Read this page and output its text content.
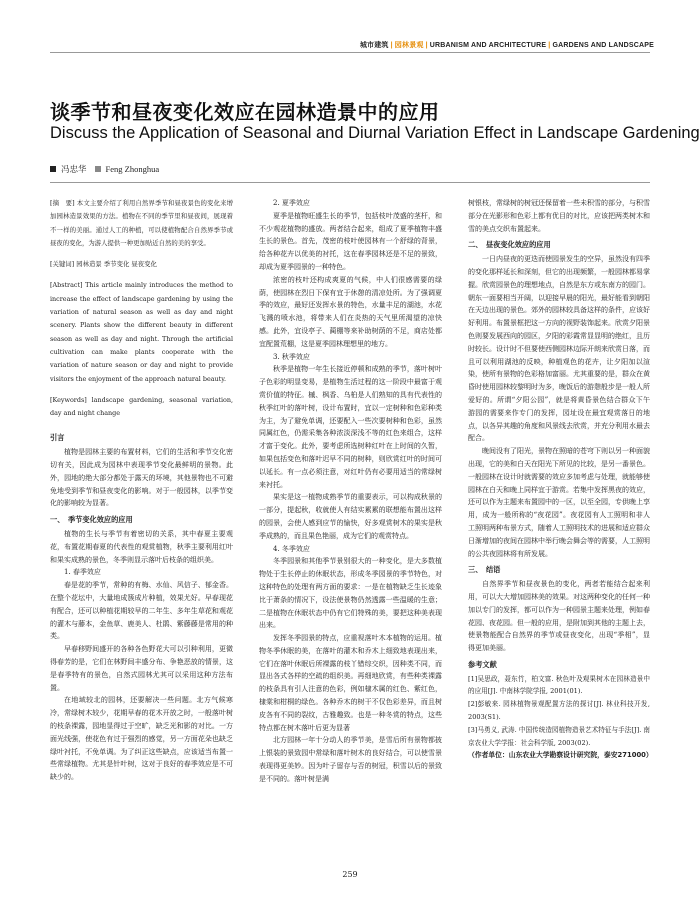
城市建筑 | 园林景观 | URBANISM AND ARCHITECTURE | GARDENS AND LANDSCAPE
谈季节和昼夜变化效应在园林造景中的应用
Discuss the Application of Seasonal and Diurnal Variation Effect in Landscape Gardening
冯忠华 Feng Zhonghua

[摘　要] 本文主要介绍了利用自然界季节和昼夜景色的变化来增加园林造景效果的方法。植物在不同的季节里和昼夜间，展现着不一样的美丽。通过人工的种植，可以使植物配合自然界季节或昼夜的变化，为游人提供一种更加贴近自然的美的享受。

[关键词] 园林造景 季节变化 昼夜变化

[Abstract] This article mainly introduces the method to increase the effect of landscape gardening by using the variation of natural season as well as day and night scenery. Plants show the different beauty in different season as well as day and night. Through the artificial cultivation can make plants cooperate with the variation of nature season or day and night to provide visitors the enjoyment of the approach natural beauty.

[Keywords] landscape gardening, seasonal variation, day and night change

引言

植物是园林主要的布置材料，它们的生活和季节交化密切有关，因此成为园林中表现季节变化最鲜明的景物。此外，园地的绝大部分都处于露天的环境，其他景物也不可避免地受到季节和昼夜变化的影响。对于一般园林，以季节变化的影响较为显著。

一、　季节变化效应的应用

植物的生长与季节有着密切的关系，其中春夏主要观花，布置花期春夏的代表性的观赏植物，秋季主要利用红叶和果实成熟的景色，冬季则显示落叶后枝条的组织美。

1. 春季效应

春是花的季节，常种的有梅、水仙、风信子、郁金香。在整个花坛中，大量地成簇成片种植，效果尤好。早春现花有配合，还可以种植花期较早的二年生、多年生草花和观花的灌木与藤本，金鱼草、鹿美人、杜鹃、紫藤藤是常用的种类。

早春移野间盛开的各种各色野花大可以引种利用，更微得春芳的是，它们在林野间丰盛分布、争艳恶放的情景，这是春季特有的景色，自然式园林尤其可以采用这种方法布置。

在地域较北的园林，还要解决一些问题。北方气候寒冷，常绿树木较少，花期早春的花木开放之时，一般落叶树的枝条裸露，园地显得过于空旷，缺乏光和影的对比。一方面光线强，使花色有过于强烈的感觉，另一方面花朵也缺乏绿叶衬托，不免单调。为了纠正这些缺点，应该适当布置一些常绿植物。尤其是针叶树，这对于良好的春季效应是不可缺少的。

2. 夏季效应

夏季是植物旺盛生长的季节，包括枝叶茂盛的茎杆，和不少观花植物的盛放。两者结合起来，组成了夏季植物丰盛生长的景色。首先，茂密的枝叶使园林有一个舒绿的背景，给各种花卉以优美的衬托，这在春季园林还是不足的景致，却成为夏季园景的一种特色。

浓密的枝叶还构成爽夏的气候，中人们很感需要的绿荫，使园林在烈日下保有宜于休憩的清凉处所。为了强调夏季的效应，最好还发挥水景的特色，水量丰足的湖池，水花飞溅的喷水池，将带来人们在炎热的天气里所渴望的凉快感。此外，宜设亭子、蔺棚等来补助树荫的不足，商店处都宜配置荒棚，这是夏季园林理想里的地方。

3. 秋季效应

秋季是植物一年生长接近停顿和成熟的季节，落叶树叶子色彩的明显变易，是植物生活过程的这一阶段中最富于观赏价值的特征。槭、枫香、乌桕是人们熟知的具有代表性的秋季红叶的落叶树，设计布置时，宜以一定树种和色彩种类为主，为了避免单调，还要配入一些次要树种和色彩，虽然同属红色，仍需采集各种浓淡深浅不等的红色来组合，这样才富于变化。此外，要考虑所选树种红叶在上时间的久暂，如果包括变色和落叶迟早不同的树种，则欣赏红叶的时间可以延长。有一点必须注意，对红叶仍有必要用适当的常绿树来衬托。

果实是这一植物成熟季节的重要表示，可以构成秋景的一部分，提起秋，收就使人有结实累累的联想能布置出这样的园景，会使人感到应节的愉快，好多观赏树木的果实是秋季成熟的，而且果色艳丽，成为它们的观赏特点。

4. 冬季效应

冬季园景和其他季节景别很大的一种变化，是大多数植物处于生长停止的休眠状态，形成冬季园景的季节特色，对这种特色的处理有两方面的要求：一是在植物缺乏生长迹象比于萧条的情况下，设法使景物仍然透露一些温暖的生意；二是植物在休眠状态中仍有它们特殊的美，要把这种美表现出来。

发挥冬季园景的特点，应重视落叶木本植物的运用。植物冬季休眠的美，在落叶的灌木和乔木上细致地表现出来，它们在落叶休眠后所裸露的枝丫错综交织，因种类不同，而显出各式各样的空疏的组织美。再细地欣赏，有些种类裸露的枝条具有引人注意的色彩，例如棣木属的红色、紫红色，棣棠和柑桐的绿色。各种乔木的树干不仅色彩差异，而且树皮各有不同的裂纹，古雅趣致。也是一种冬赏的特点，这些特点都在树木落叶后更为显著

北方园林一年十分动人的季节美，是雪后所有景物都披上银装的景致园中常绿和落叶树木的良好结合，可以使雪景表现得更美妙。因为叶子留存与否的树冠，积雪以后的景致是不同的。落叶树是满

树银枝，常绿树的树冠还保留着一些未积雪的部分，与积雪部分在光影形和色彩上都有优目的对比，应该把两类树木和雪的美点交织布置起来。

二、　昼夜变化效应的应用

一日内昼夜的更迭而使园景发生的空异，虽然没有四季的变化那样延长和深刻，但它的出现频繁，一般园林都易掌握。欣赏园景色的理想地点，自然是东方或东南方的园门。朝东一面要相当开阔，以迎接早晨的阳光，最好能看到朝阳在天边出现的景色。郊外的园林较具备这样的条件，应该好好利用。布置景框把这一方向的视野装饰起来。欣赏夕阳景色则要发展西向的园区，夕阳的彩霞常显显明的绝红，且历时较长。设计时不但要使西侧园林边际开朗来欣赏日落，而且可以利用湖池的反映，种植观色的花卉，让夕阳加以渲染，使所有景物的色彩格加富丽。尤其重要的是，群众在黄昏时使用园林较黎明时为多，晚饭后的游憩般步是一般人所爱好的。所谓“夕阳公园”，就是将黄昏景色结合群众下午游园的需要来作专门的发挥，园址设在最宜观赏落日的地点，以各异其趣的角度和风景线去欣赏，并充分利用水最去配合。

晚间没有了阳光，景物在照暗的苍穹下则以另一种面貌出现，它的美和白天在阳光下所见的比较，是另一番景色。一般园林在设计时就需要的效应多加考虑与处理，就能够使园林在白天和晚上同样宜于游赏。若集中发挥黑夜的效应，还可以作为主题来布置园中的一区，以至全园，专供晚上享用，成为一般所称的“夜花园”。夜花园有人工照明和非人工照明两种布景方式，随着人工照明技术的进展和适应群众日渐增加的夜间在园林中举行晚会舞会等的需要，人工照明的公共夜园林将有所发展。

三、　结语

自然界季节和昼夜景色的变化，两者若能结合起来利用，可以大大增加园林美的效果。对这两种变化的任何一种加以专门的发挥，都可以作为一种园景主题来处理，例如春花园、夜花园。但一般的应用，是附加到其他的主题上去，使景物能配合自然界的季节或昼夜变化，出现“季相”，显得更加美丽。

参考文献

[1]吴思政，聂东竹，柏文富. 秋色叶及观果树木在园林造景中的应用[J]. 中南林学院学报, 2001(01).

[2]彭敏来. 园林植物景观配置方法的探讨[J]. 林业科技开发, 2003(S1).

[3]马勇义, 武涛. 中国传统造园植物造景艺术特征与手法[J]. 南京农业大学学报：社会科学版, 2003(02).

（作者单位：山东农业大学勘察设计研究院，泰安271000）

259
